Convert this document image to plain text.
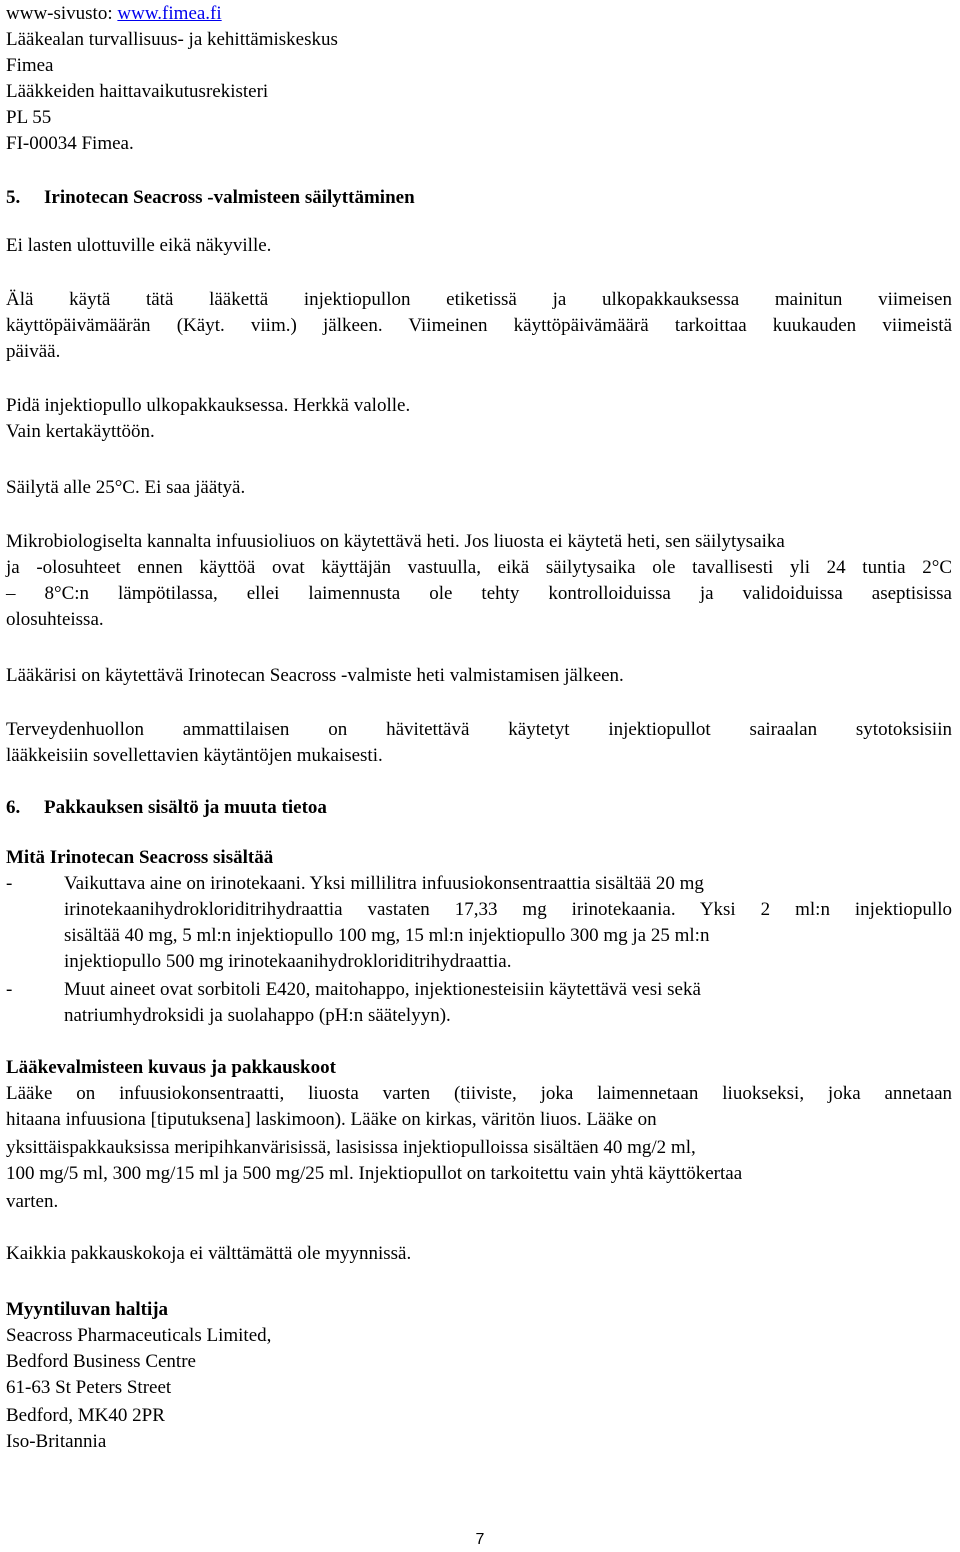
www-sivusto: www.fimea.fi
Lääkealan turvallisuus- ja kehittämiskeskus
Fimea
Lääkkeiden haittavaikutusrekisteri
PL 55
FI-00034 Fimea.
5.     Irinotecan Seacross -valmisteen säilyttäminen
Ei lasten ulottuville eikä näkyville.
Älä käytä tätä lääkettä injektiopullon etiketissä ja ulkopakkauksessa mainitun viimeisen
käyttöpäivämäärän (Käyt. viim.) jälkeen. Viimeinen käyttöpäivämäärä tarkoittaa kuukauden viimeistä
päivää.
Pidä injektiopullo ulkopakkauksessa. Herkkä valolle.
Vain kertakäyttöön.
Säilytä alle 25°C. Ei saa jäätyä.
Mikrobiologiselta kannalta infuusioliuos on käytettävä heti. Jos liuosta ei käytetä heti, sen säilytysaika
ja -olosuhteet ennen käyttöä ovat käyttäjän vastuulla, eikä säilytysaika ole tavallisesti yli 24 tuntia 2°C
– 8°C:n lämpötilassa, ellei laimennusta ole tehty kontrolloiduissa ja validoiduissa aseptisissa
olosuhteissa.
Lääkärisi on käytettävä Irinotecan Seacross -valmiste heti valmistamisen jälkeen.
Terveydenhuollon ammattilaisen on hävitettävä käytetyt injektiopullot sairaalan sytotoksisiin
lääkkeisiin sovellettavien käytäntöjen mukaisesti.
6.     Pakkauksen sisältö ja muuta tietoa
Mitä Irinotecan Seacross sisältää
-	Vaikuttava aine on irinotekaani. Yksi millilitra infuusiokonsentraattia sisältää 20 mg
irinotekaanihydrokloriditrihydraattia vastaten 17,33 mg irinotekaania. Yksi 2 ml:n injektiopullo
sisältää 40 mg, 5 ml:n injektiopullo 100 mg, 15 ml:n injektiopullo 300 mg ja 25 ml:n
injektiopullo 500 mg irinotekaanihydrokloriditrihydraattia.
-	Muut aineet ovat sorbitoli E420, maitohappo, injektionesteisiin käytettävä vesi sekä
natriumhydroksidi ja suolahappo (pH:n säätelyyn).
Lääkevalmisteen kuvaus ja pakkauskoot
Lääke on infuusiokonsentraatti, liuosta varten (tiiviste, joka laimennetaan liuokseksi, joka annetaan
hitaana infuusiona [tiputuksena] laskimoon). Lääke on kirkas, väritön liuos. Lääke on
yksittäispakkauksissa meripihkanvärisissä, lasisissa injektiopulloissa sisältäen 40 mg/2 ml,
100 mg/5 ml, 300 mg/15 ml ja 500 mg/25 ml. Injektiopullot on tarkoitettu vain yhtä käyttökertaa
varten.
Kaikkia pakkauskokoja ei välttämättä ole myynnissä.
Myyntiluvan haltija
Seacross Pharmaceuticals Limited,
Bedford Business Centre
61-63 St Peters Street
Bedford, MK40 2PR
Iso-Britannia
7
